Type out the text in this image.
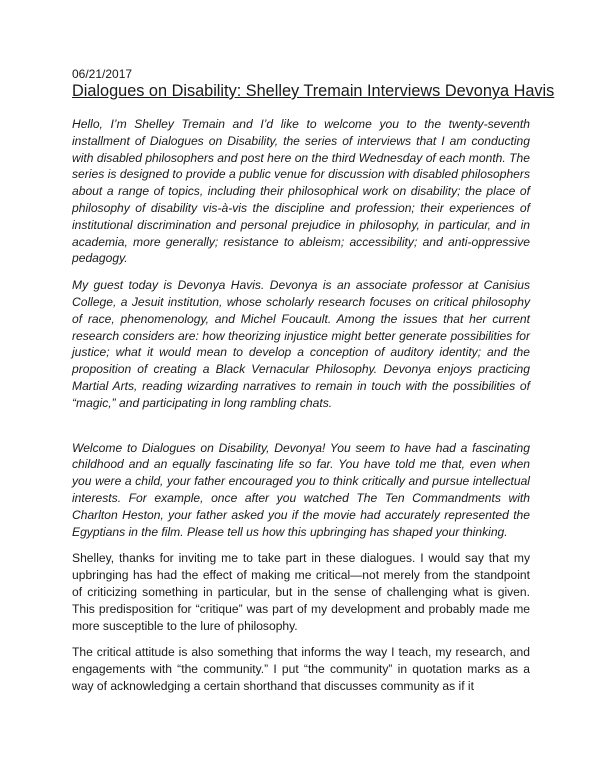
06/21/2017
Dialogues on Disability: Shelley Tremain Interviews Devonya Havis

Hello, I’m Shelley Tremain and I’d like to welcome you to the twenty-seventh installment of Dialogues on Disability, the series of interviews that I am conducting with disabled philosophers and post here on the third Wednesday of each month. The series is designed to provide a public venue for discussion with disabled philosophers about a range of topics, including their philosophical work on disability; the place of philosophy of disability vis-à-vis the discipline and profession; their experiences of institutional discrimination and personal prejudice in philosophy, in particular, and in academia, more generally; resistance to ableism; accessibility; and anti-oppressive pedagogy.

My guest today is Devonya Havis. Devonya is an associate professor at Canisius College, a Jesuit institution, whose scholarly research focuses on critical philosophy of race, phenomenology, and Michel Foucault. Among the issues that her current research considers are: how theorizing injustice might better generate possibilities for justice; what it would mean to develop a conception of auditory identity; and the proposition of creating a Black Vernacular Philosophy. Devonya enjoys practicing Martial Arts, reading wizarding narratives to remain in touch with the possibilities of “magic,” and participating in long rambling chats.

Welcome to Dialogues on Disability, Devonya! You seem to have had a fascinating childhood and an equally fascinating life so far. You have told me that, even when you were a child, your father encouraged you to think critically and pursue intellectual interests. For example, once after you watched The Ten Commandments with Charlton Heston, your father asked you if the movie had accurately represented the Egyptians in the film. Please tell us how this upbringing has shaped your thinking.

Shelley, thanks for inviting me to take part in these dialogues. I would say that my upbringing has had the effect of making me critical—not merely from the standpoint of criticizing something in particular, but in the sense of challenging what is given. This predisposition for “critique” was part of my development and probably made me more susceptible to the lure of philosophy.

The critical attitude is also something that informs the way I teach, my research, and engagements with “the community.” I put “the community” in quotation marks as a way of acknowledging a certain shorthand that discusses community as if it
